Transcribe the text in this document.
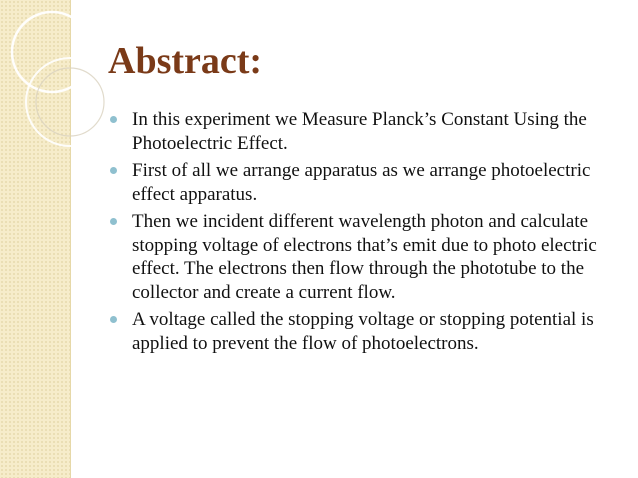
Abstract:
In this experiment we Measure Planck’s Constant Using the Photoelectric Effect.
First of all we arrange apparatus as we arrange photoelectric effect apparatus.
Then we incident different wavelength photon and calculate stopping voltage of electrons that’s emit due to photo electric effect. The electrons then flow through the phototube to the collector and create a current flow.
A voltage called the stopping voltage or stopping potential is applied to prevent the flow of photoelectrons.
